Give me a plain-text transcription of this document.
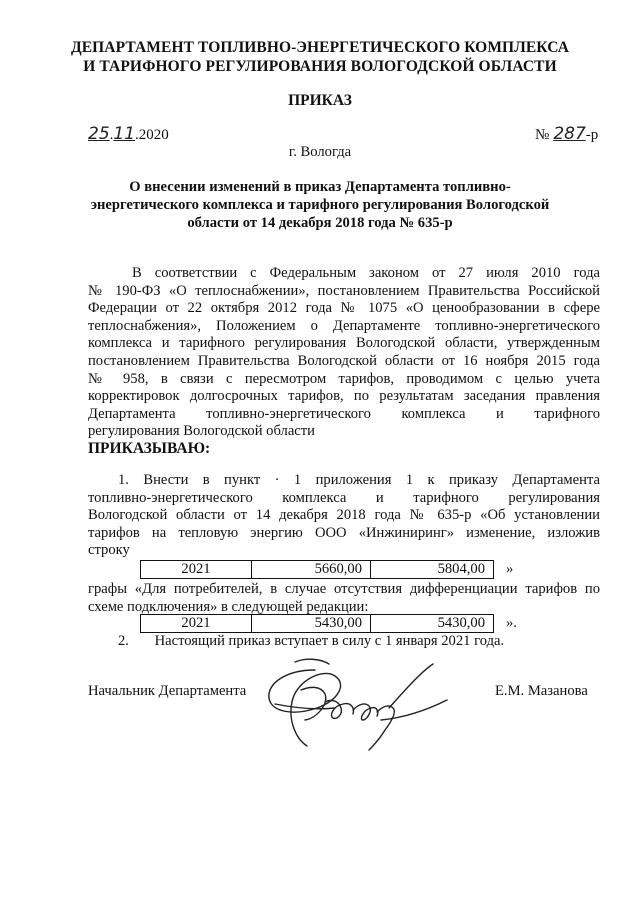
ДЕПАРТАМЕНТ ТОПЛИВНО-ЭНЕРГЕТИЧЕСКОГО КОМПЛЕКСА
И ТАРИФНОГО РЕГУЛИРОВАНИЯ ВОЛОГОДСКОЙ ОБЛАСТИ
ПРИКАЗ
25.11.2020	№ 287-р
г. Вологда
О внесении изменений в приказ Департамента топливно-
энергетического комплекса и тарифного регулирования Вологодской
области от 14 декабря 2018 года № 635-р
В соответствии с Федеральным законом от 27 июля 2010 года
№ 190-ФЗ «О теплоснабжении», постановлением Правительства Российской
Федерации от 22 октября 2012 года № 1075 «О ценообразовании в сфере
теплоснабжения», Положением о Департаменте топливно-энергетического
комплекса и тарифного регулирования Вологодской области, утвержденным
постановлением Правительства Вологодской области от 16 ноября 2015 года
№ 958, в связи с пересмотром тарифов, проводимом с целью учета
корректировок долгосрочных тарифов, по результатам заседания правления
Департамента топливно-энергетического комплекса и тарифного
регулирования Вологодской области
ПРИКАЗЫВАЮ:
1. Внести в пункт · 1 приложения 1 к приказу Департамента
топливно-энергетического комплекса и тарифного регулирования
Вологодской области от 14 декабря 2018 года № 635-р «Об установлении
тарифов на тепловую энергию ООО «Инжиниринг» изменение, изложив
строку
2021	5660,00	5804,00 »
графы «Для потребителей, в случае отсутствия дифференциации тарифов по
схеме подключения» в следующей редакции:
2021	5430,00	5430,00 ».
2. Настоящий приказ вступает в силу с 1 января 2021 года.
Начальник Департамента	Е.М. Мазанова
